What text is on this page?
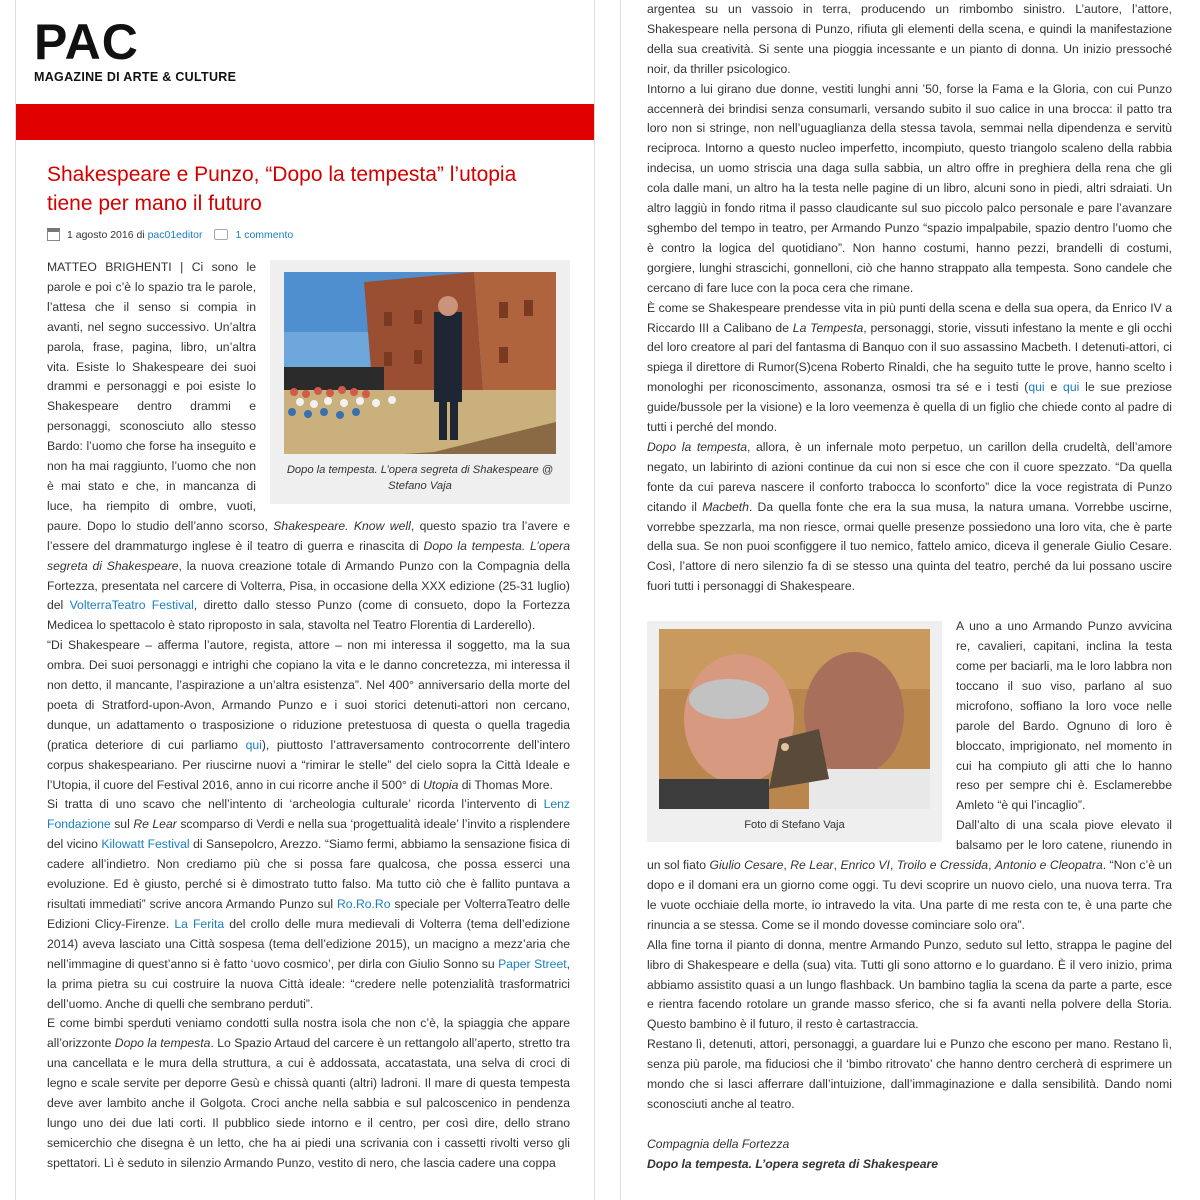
PAC
MAGAZINE DI ARTE & CULTURE
Shakespeare e Punzo, “Dopo la tempesta” l’utopia tiene per mano il futuro
1 agosto 2016 di pac01editor	1 commento
Dopo la tempesta. L’opera segreta di Shakespeare @ Stefano Vaja

MATTEO BRIGHENTI | Ci sono le parole e poi c’è lo spazio tra le parole, l’attesa che il senso si compia in avanti, nel segno successivo. Un’altra parola, frase, pagina, libro, un’altra vita. Esiste lo Shakespeare dei suoi drammi e personaggi e poi esiste lo Shakespeare dentro drammi e personaggi, sconosciuto allo stesso Bardo: l’uomo che forse ha inseguito e non ha mai raggiunto, l’uomo che non è mai stato e che, in mancanza di luce, ha riempito di ombre, vuoti, paure. Dopo lo studio dell’anno scorso, Shakespeare. Know well, questo spazio tra l’avere e l’essere del drammaturgo inglese è il teatro di guerra e rinascita di Dopo la tempesta. L’opera segreta di Shakespeare, la nuova creazione totale di Armando Punzo con la Compagnia della Fortezza, presentata nel carcere di Volterra, Pisa, in occasione della XXX edizione (25-31 luglio) del VolterraTeatro Festival, diretto dallo stesso Punzo (come di consueto, dopo la Fortezza Medicea lo spettacolo è stato riproposto in sala, stavolta nel Teatro Florentia di Larderello).

“Di Shakespeare – afferma l’autore, regista, attore – non mi interessa il soggetto, ma la sua ombra. Dei suoi personaggi e intrighi che copiano la vita e le danno concretezza, mi interessa il non detto, il mancante, l’aspirazione a un’altra esistenza”. Nel 400° anniversario della morte del poeta di Stratford-upon-Avon, Armando Punzo e i suoi storici detenuti-attori non cercano, dunque, un adattamento o trasposizione o riduzione pretestuosa di questa o quella tragedia (pratica deteriore di cui parliamo qui), piuttosto l’attraversamento controcorrente dell’intero corpus shakespeariano. Per riuscirne nuovi a “rimirar le stelle” del cielo sopra la Città Ideale e l’Utopia, il cuore del Festival 2016, anno in cui ricorre anche il 500° di Utopia di Thomas More.

Si tratta di uno scavo che nell’intento di ‘archeologia culturale’ ricorda l’intervento di Lenz Fondazione sul Re Lear scomparso di Verdi e nella sua ‘progettualità ideale’ l’invito a risplendere del vicino Kilowatt Festival di Sansepolcro, Arezzo. “Siamo fermi, abbiamo la sensazione fisica di cadere all’indietro. Non crediamo più che si possa fare qualcosa, che possa esserci una evoluzione. Ed è giusto, perché si è dimostrato tutto falso. Ma tutto ciò che è fallito puntava a risultati immediati” scrive ancora Armando Punzo sul Ro.Ro.Ro speciale per VolterraTeatro delle Edizioni Clicy-Firenze. La Ferita del crollo delle mura medievali di Volterra (tema dell’edizione 2014) aveva lasciato una Città sospesa (tema dell’edizione 2015), un macigno a mezz’aria che nell’immagine di quest’anno si è fatto ‘uovo cosmico’, per dirla con Giulio Sonno su Paper Street, la prima pietra su cui costruire la nuova Città ideale: “credere nelle potenzialità trasformatrici dell’uomo. Anche di quelli che sembrano perduti”.

E come bimbi sperduti veniamo condotti sulla nostra isola che non c’è, la spiaggia che appare all’orizzonte Dopo la tempesta. Lo Spazio Artaud del carcere è un rettangolo all’aperto, stretto tra una cancellata e le mura della struttura, a cui è addossata, accatastata, una selva di croci di legno e scale servite per deporre Gesù e chissà quanti (altri) ladroni. Il mare di questa tempesta deve aver lambito anche il Golgota. Croci anche nella sabbia e sul palcoscenico in pendenza lungo uno dei due lati corti. Il pubblico siede intorno e il centro, per così dire, dello strano semicerchio che disegna è un letto, che ha ai piedi una scrivania con i cassetti rivolti verso gli spettatori. Lì è seduto in silenzio Armando Punzo, vestito di nero, che lascia cadere una coppa

argentea su un vassoio in terra, producendo un rimbombo sinistro. L’autore, l’attore, Shakespeare nella persona di Punzo, rifiuta gli elementi della scena, e quindi la manifestazione della sua creatività. Si sente una pioggia incessante e un pianto di donna. Un inizio pressoché noir, da thriller psicologico.

Intorno a lui girano due donne, vestiti lunghi anni ’50, forse la Fama e la Gloria, con cui Punzo accennerà dei brindisi senza consumarli, versando subito il suo calice in una brocca: il patto tra loro non si stringe, non nell’uguaglianza della stessa tavola, semmai nella dipendenza e servitù reciproca. Intorno a questo nucleo imperfetto, incompiuto, questo triangolo scaleno della rabbia indecisa, un uomo striscia una daga sulla sabbia, un altro offre in preghiera della rena che gli cola dalle mani, un altro ha la testa nelle pagine di un libro, alcuni sono in piedi, altri sdraiati. Un altro laggiù in fondo ritma il passo claudicante sul suo piccolo palco personale e pare l’avanzare sghembo del tempo in teatro, per Armando Punzo “spazio impalpabile, spazio dentro l’uomo che è contro la logica del quotidiano”. Non hanno costumi, hanno pezzi, brandelli di costumi, gorgiere, lunghi strascichi, gonnelloni, ciò che hanno strappato alla tempesta. Sono candele che cercano di fare luce con la poca cera che rimane.

È come se Shakespeare prendesse vita in più punti della scena e della sua opera, da Enrico IV a Riccardo III a Calibano de La Tempesta, personaggi, storie, vissuti infestano la mente e gli occhi del loro creatore al pari del fantasma di Banquo con il suo assassino Macbeth. I detenuti-attori, ci spiega il direttore di Rumor(S)cena Roberto Rinaldi, che ha seguito tutte le prove, hanno scelto i monologhi per riconoscimento, assonanza, osmosi tra sé e i testi (qui e qui le sue preziose guide/bussole per la visione) e la loro veemenza è quella di un figlio che chiede conto al padre di tutti i perché del mondo.

Dopo la tempesta, allora, è un infernale moto perpetuo, un carillon della crudeltà, dell’amore negato, un labirinto di azioni continue da cui non si esce che con il cuore spezzato. “Da quella fonte da cui pareva nascere il conforto trabocca lo sconforto” dice la voce registrata di Punzo citando il Macbeth. Da quella fonte che era la sua musa, la natura umana. Vorrebbe uscirne, vorrebbe spezzarla, ma non riesce, ormai quelle presenze possiedono una loro vita, che è parte della sua. Se non puoi sconfiggere il tuo nemico, fattelo amico, diceva il generale Giulio Cesare. Così, l’attore di nero silenzio fa di se stesso una quinta del teatro, perché da lui possano uscire fuori tutti i personaggi di Shakespeare.

Foto di Stefano Vaja

A uno a uno Armando Punzo avvicina re, cavalieri, capitani, inclina la testa come per baciarli, ma le loro labbra non toccano il suo viso, parlano al suo microfono, soffiano la loro voce nelle parole del Bardo. Ognuno di loro è bloccato, imprigionato, nel momento in cui ha compiuto gli atti che lo hanno reso per sempre chi è. Esclamerebbe Amleto “è qui l’incaglio”.

Dall’alto di una scala piove elevato il balsamo per le loro catene, riunendo in un sol fiato Giulio Cesare, Re Lear, Enrico VI, Troilo e Cressida, Antonio e Cleopatra. “Non c’è un dopo e il domani era un giorno come oggi. Tu devi scoprire un nuovo cielo, una nuova terra. Tra le vuote occhiaie della morte, io intravedo la vita. Una parte di me resta con te, è una parte che rinuncia a se stessa. Come se il mondo dovesse cominciare solo ora”.

Alla fine torna il pianto di donna, mentre Armando Punzo, seduto sul letto, strappa le pagine del libro di Shakespeare e della (sua) vita. Tutti gli sono attorno e lo guardano. È il vero inizio, prima abbiamo assistito quasi a un lungo flashback. Un bambino taglia la scena da parte a parte, esce e rientra facendo rotolare un grande masso sferico, che si fa avanti nella polvere della Storia. Questo bambino è il futuro, il resto è cartastraccia.

Restano lì, detenuti, attori, personaggi, a guardare lui e Punzo che escono per mano. Restano lì, senza più parole, ma fiduciosi che il ‘bimbo ritrovato’ che hanno dentro cercherà di esprimere un mondo che si lasci afferrare dall’intuizione, dall’immaginazione e dalla sensibilità. Dando nomi sconosciuti anche al teatro.

Compagnia della Fortezza

Dopo la tempesta. L’opera segreta di Shakespeare
